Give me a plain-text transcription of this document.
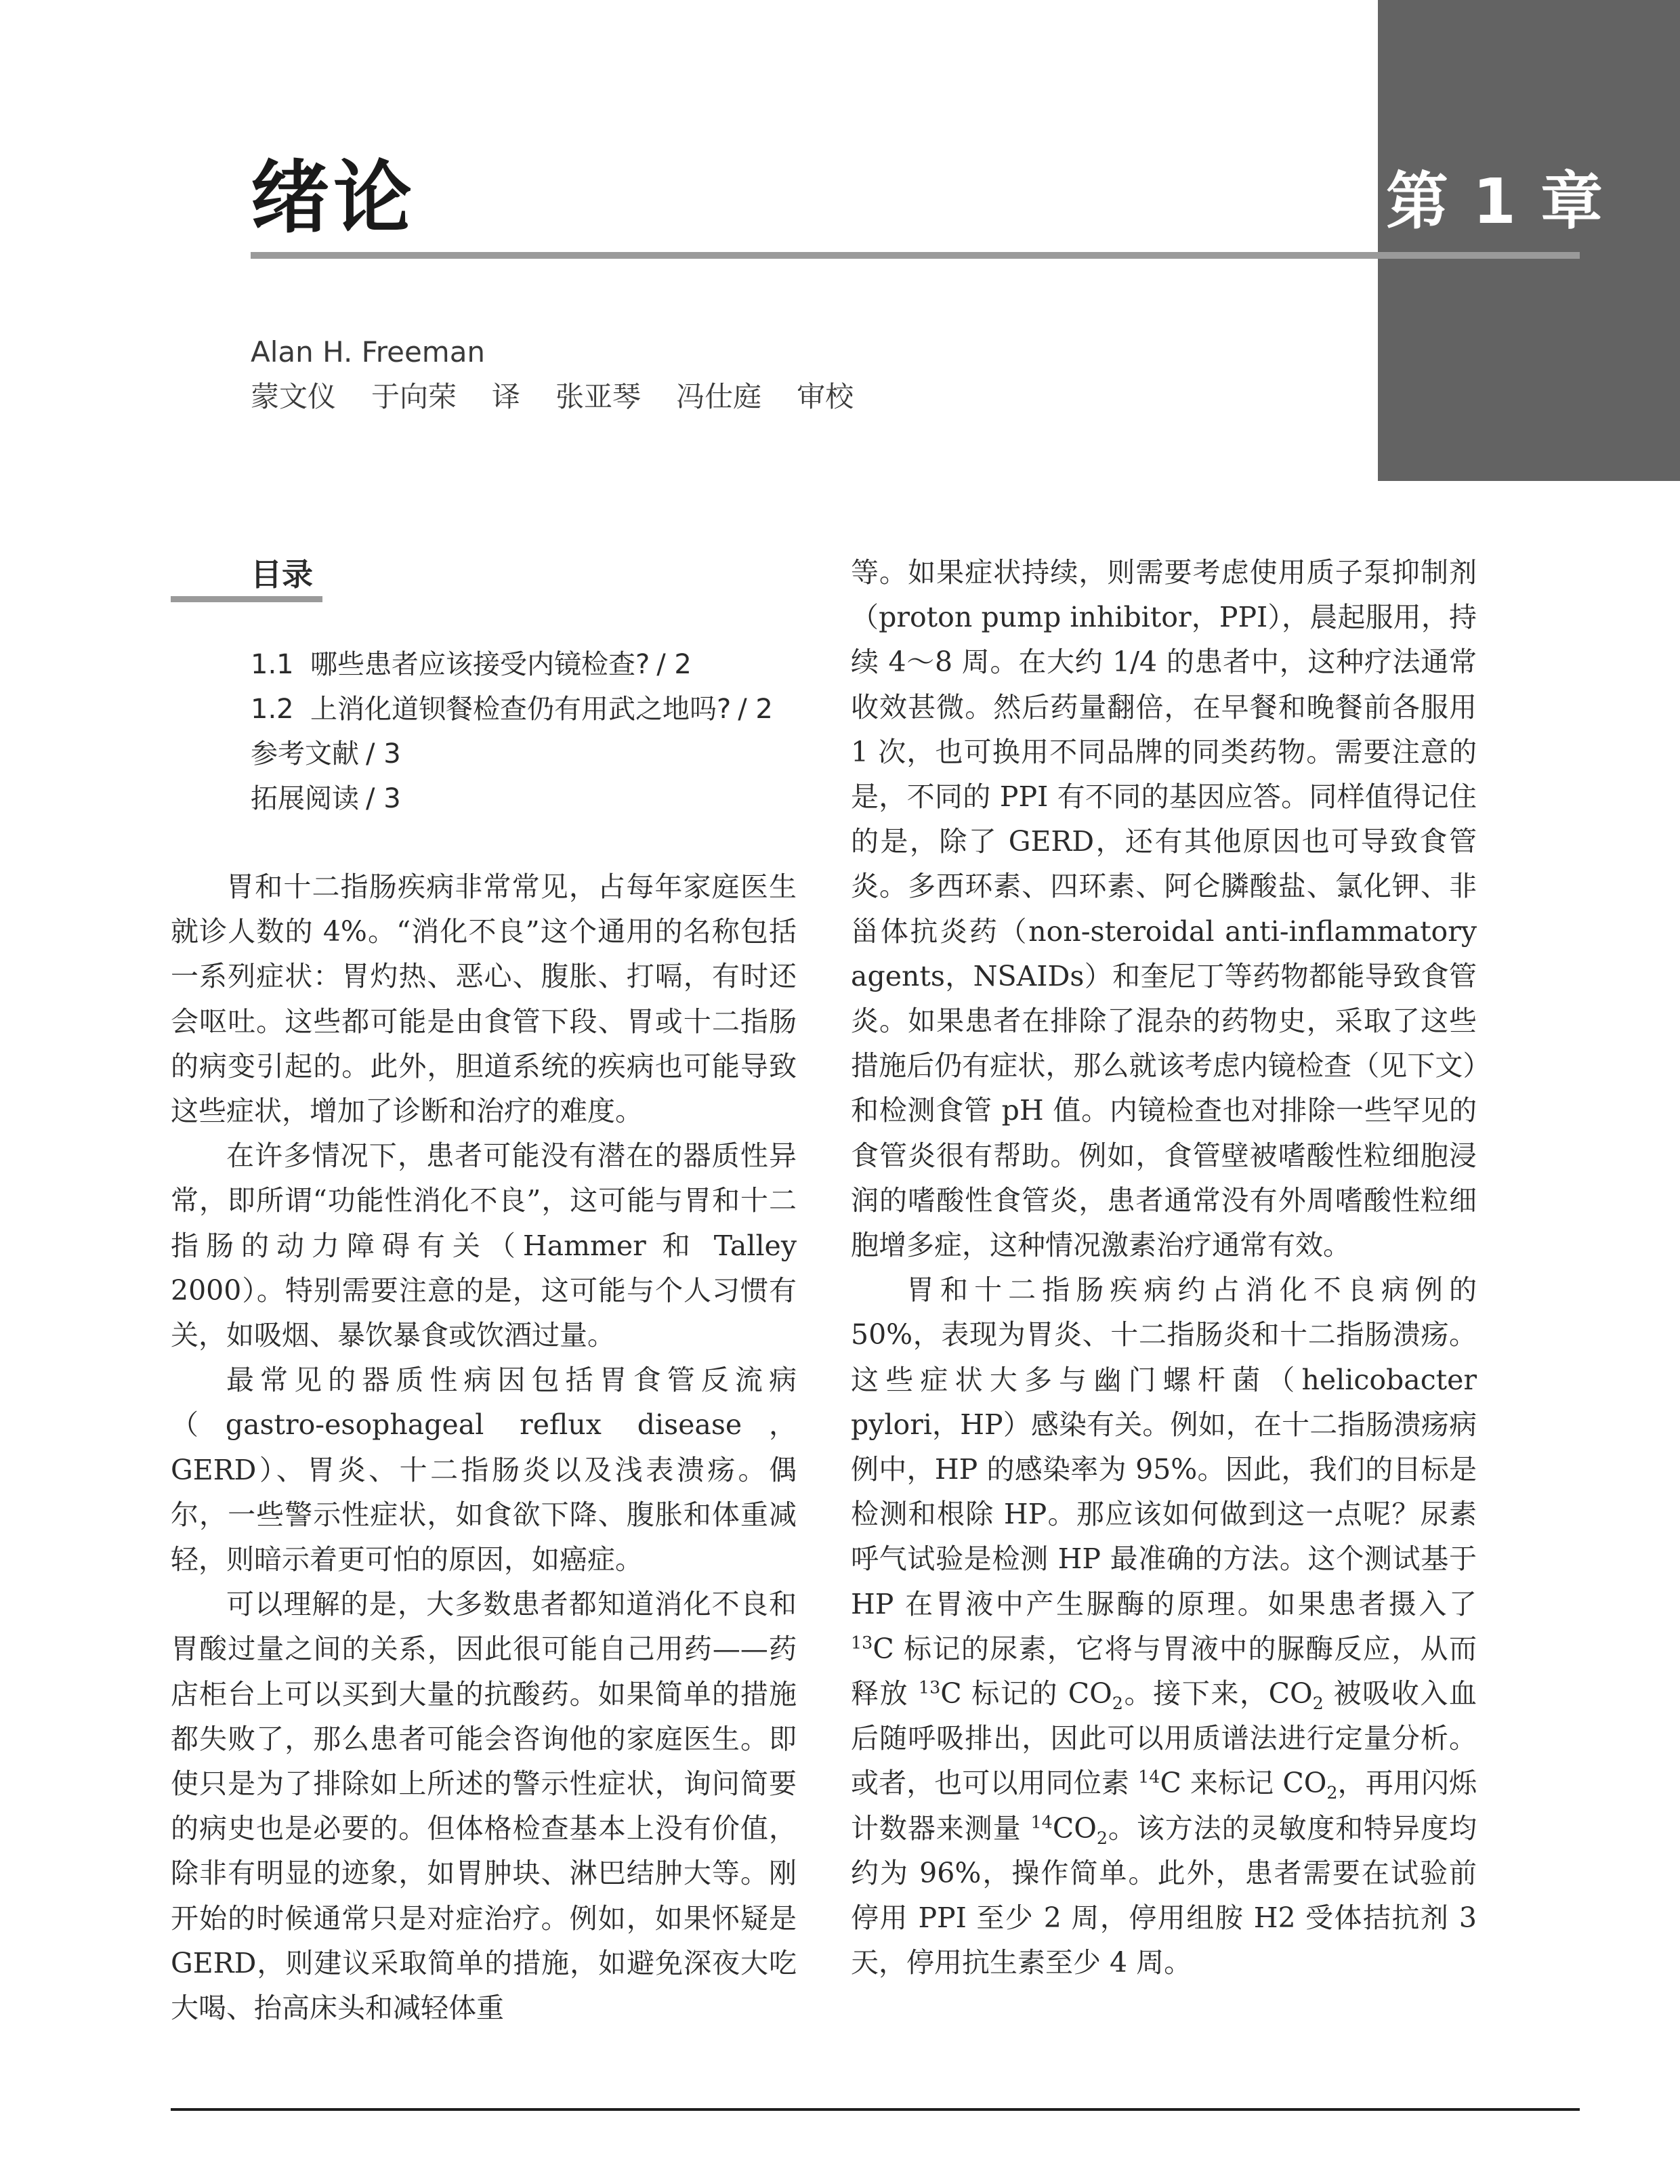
第 1 章
绪论
Alan H. Freeman
蒙文仪 于向荣 译 张亚琴 冯仕庭 审校
目录
1.1 哪些患者应该接受内镜检查? / 2
1.2 上消化道钡餐检查仍有用武之地吗? / 2
参考文献 / 3
拓展阅读 / 3

胃和十二指肠疾病非常常见，占每年家庭医生就诊人数的 4%。“消化不良”这个通用的名称包括一系列症状：胃灼热、恶心、腹胀、打嗝，有时还会呕吐。这些都可能是由食管下段、胃或十二指肠的病变引起的。此外，胆道系统的疾病也可能导致这些症状，增加了诊断和治疗的难度。

在许多情况下，患者可能没有潜在的器质性异常，即所谓“功能性消化不良”，这可能与胃和十二指肠的动力障碍有关（Hammer 和 Talley 2000）。特别需要注意的是，这可能与个人习惯有关，如吸烟、暴饮暴食或饮酒过量。

最常见的器质性病因包括胃食管反流病（gastro-esophageal reflux disease，GERD）、胃炎、十二指肠炎以及浅表溃疡。偶尔，一些警示性症状，如食欲下降、腹胀和体重减轻，则暗示着更可怕的原因，如癌症。

可以理解的是，大多数患者都知道消化不良和胃酸过量之间的关系，因此很可能自己用药——药店柜台上可以买到大量的抗酸药。如果简单的措施都失败了，那么患者可能会咨询他的家庭医生。即使只是为了排除如上所述的警示性症状，询问简要的病史也是必要的。但体格检查基本上没有价值，除非有明显的迹象，如胃肿块、淋巴结肿大等。刚开始的时候通常只是对症治疗。例如，如果怀疑是 GERD，则建议采取简单的措施，如避免深夜大吃大喝、抬高床头和减轻体重

等。如果症状持续，则需要考虑使用质子泵抑制剂（proton pump inhibitor，PPI），晨起服用，持续 4～8 周。在大约 1/4 的患者中，这种疗法通常收效甚微。然后药量翻倍，在早餐和晚餐前各服用 1 次，也可换用不同品牌的同类药物。需要注意的是，不同的 PPI 有不同的基因应答。同样值得记住的是，除了 GERD，还有其他原因也可导致食管炎。多西环素、四环素、阿仑膦酸盐、氯化钾、非甾体抗炎药（non-steroidal anti-inflammatory agents，NSAIDs）和奎尼丁等药物都能导致食管炎。如果患者在排除了混杂的药物史，采取了这些措施后仍有症状，那么就该考虑内镜检查（见下文）和检测食管 pH 值。内镜检查也对排除一些罕见的食管炎很有帮助。例如，食管壁被嗜酸性粒细胞浸润的嗜酸性食管炎，患者通常没有外周嗜酸性粒细胞增多症，这种情况激素治疗通常有效。

胃和十二指肠疾病约占消化不良病例的 50%，表现为胃炎、十二指肠炎和十二指肠溃疡。这些症状大多与幽门螺杆菌（helicobacter pylori，HP）感染有关。例如，在十二指肠溃疡病例中，HP 的感染率为 95%。因此，我们的目标是检测和根除 HP。那应该如何做到这一点呢？尿素呼气试验是检测 HP 最准确的方法。这个测试基于 HP 在胃液中产生脲酶的原理。如果患者摄入了 $^{13}$C 标记的尿素，它将与胃液中的脲酶反应，从而释放 $^{13}$C 标记的 $CO_2$。接下来，$CO_2$ 被吸收入血后随呼吸排出，因此可以用质谱法进行定量分析。或者，也可以用同位素 $^{14}$C 来标记 $CO_2$，再用闪烁计数器来测量 $^{14}CO_2$。该方法的灵敏度和特异度均约为 96%，操作简单。此外，患者需要在试验前停用 PPI 至少 2 周，停用组胺 H2 受体拮抗剂 3 天，停用抗生素至少 4 周。
